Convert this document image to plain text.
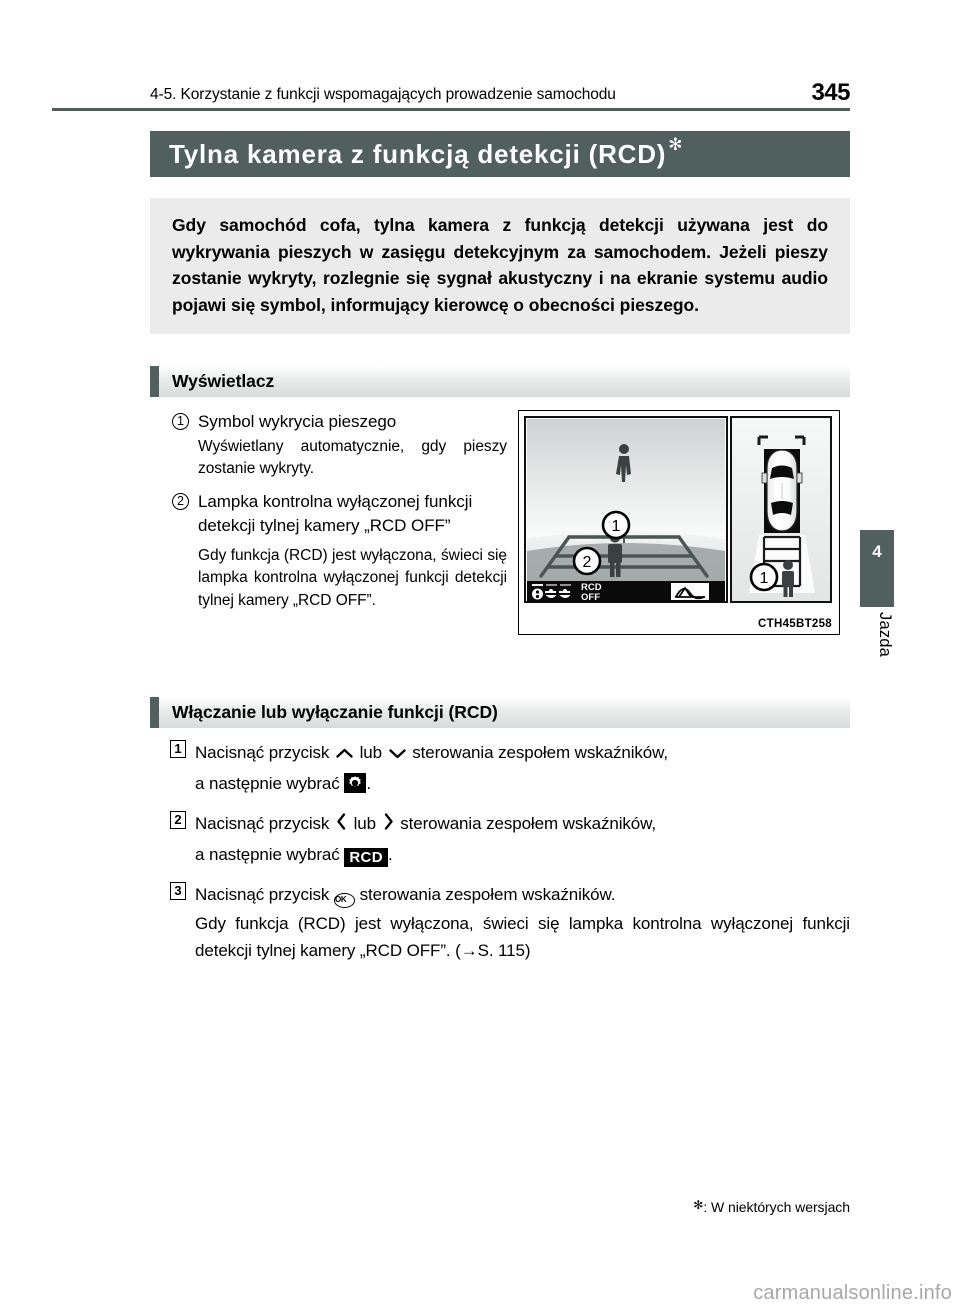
4-5. Korzystanie z funkcji wspomagających prowadzenie samochodu	345
Tylna kamera z funkcją detekcji (RCD) ✻

Gdy samochód cofa, tylna kamera z funkcją detekcji używana jest do wykrywania pieszych w zasięgu detekcyjnym za samochodem. Jeżeli pieszy zostanie wykryty, rozlegnie się sygnał akustyczny i na ekranie systemu audio pojawi się symbol, informujący kierowcę o obecności pieszego.

Wyświetlacz
1 Symbol wykrycia pieszego

Wyświetlany automatycznie, gdy pieszy zostanie wykryty.

2 Lampka kontrolna wyłączonej funkcji detekcji tylnej kamery „RCD OFF”

Gdy funkcja (RCD) jest wyłączona, świeci się lampka kontrolna wyłączonej funkcji detekcji tylnej kamery „RCD OFF”.

1
2
RCD
OFF
1
CTH45BT258
Włączanie lub wyłączanie funkcji (RCD)
1 Nacisnąć przycisk lub sterowania zespołem wskaźników,

a następnie wybrać .

2 Nacisnąć przycisk lub sterowania zespołem wskaźników,

a następnie wybrać RCD .

3 Nacisnąć przycisk OK sterowania zespołem wskaźników.

Gdy funkcja (RCD) jest wyłączona, świeci się lampka kontrolna wyłączonej funkcji detekcji tylnej kamery „RCD OFF”. (→S. 115)

4
Jazda
✻: W niektórych wersjach
carmanualsonline.info
